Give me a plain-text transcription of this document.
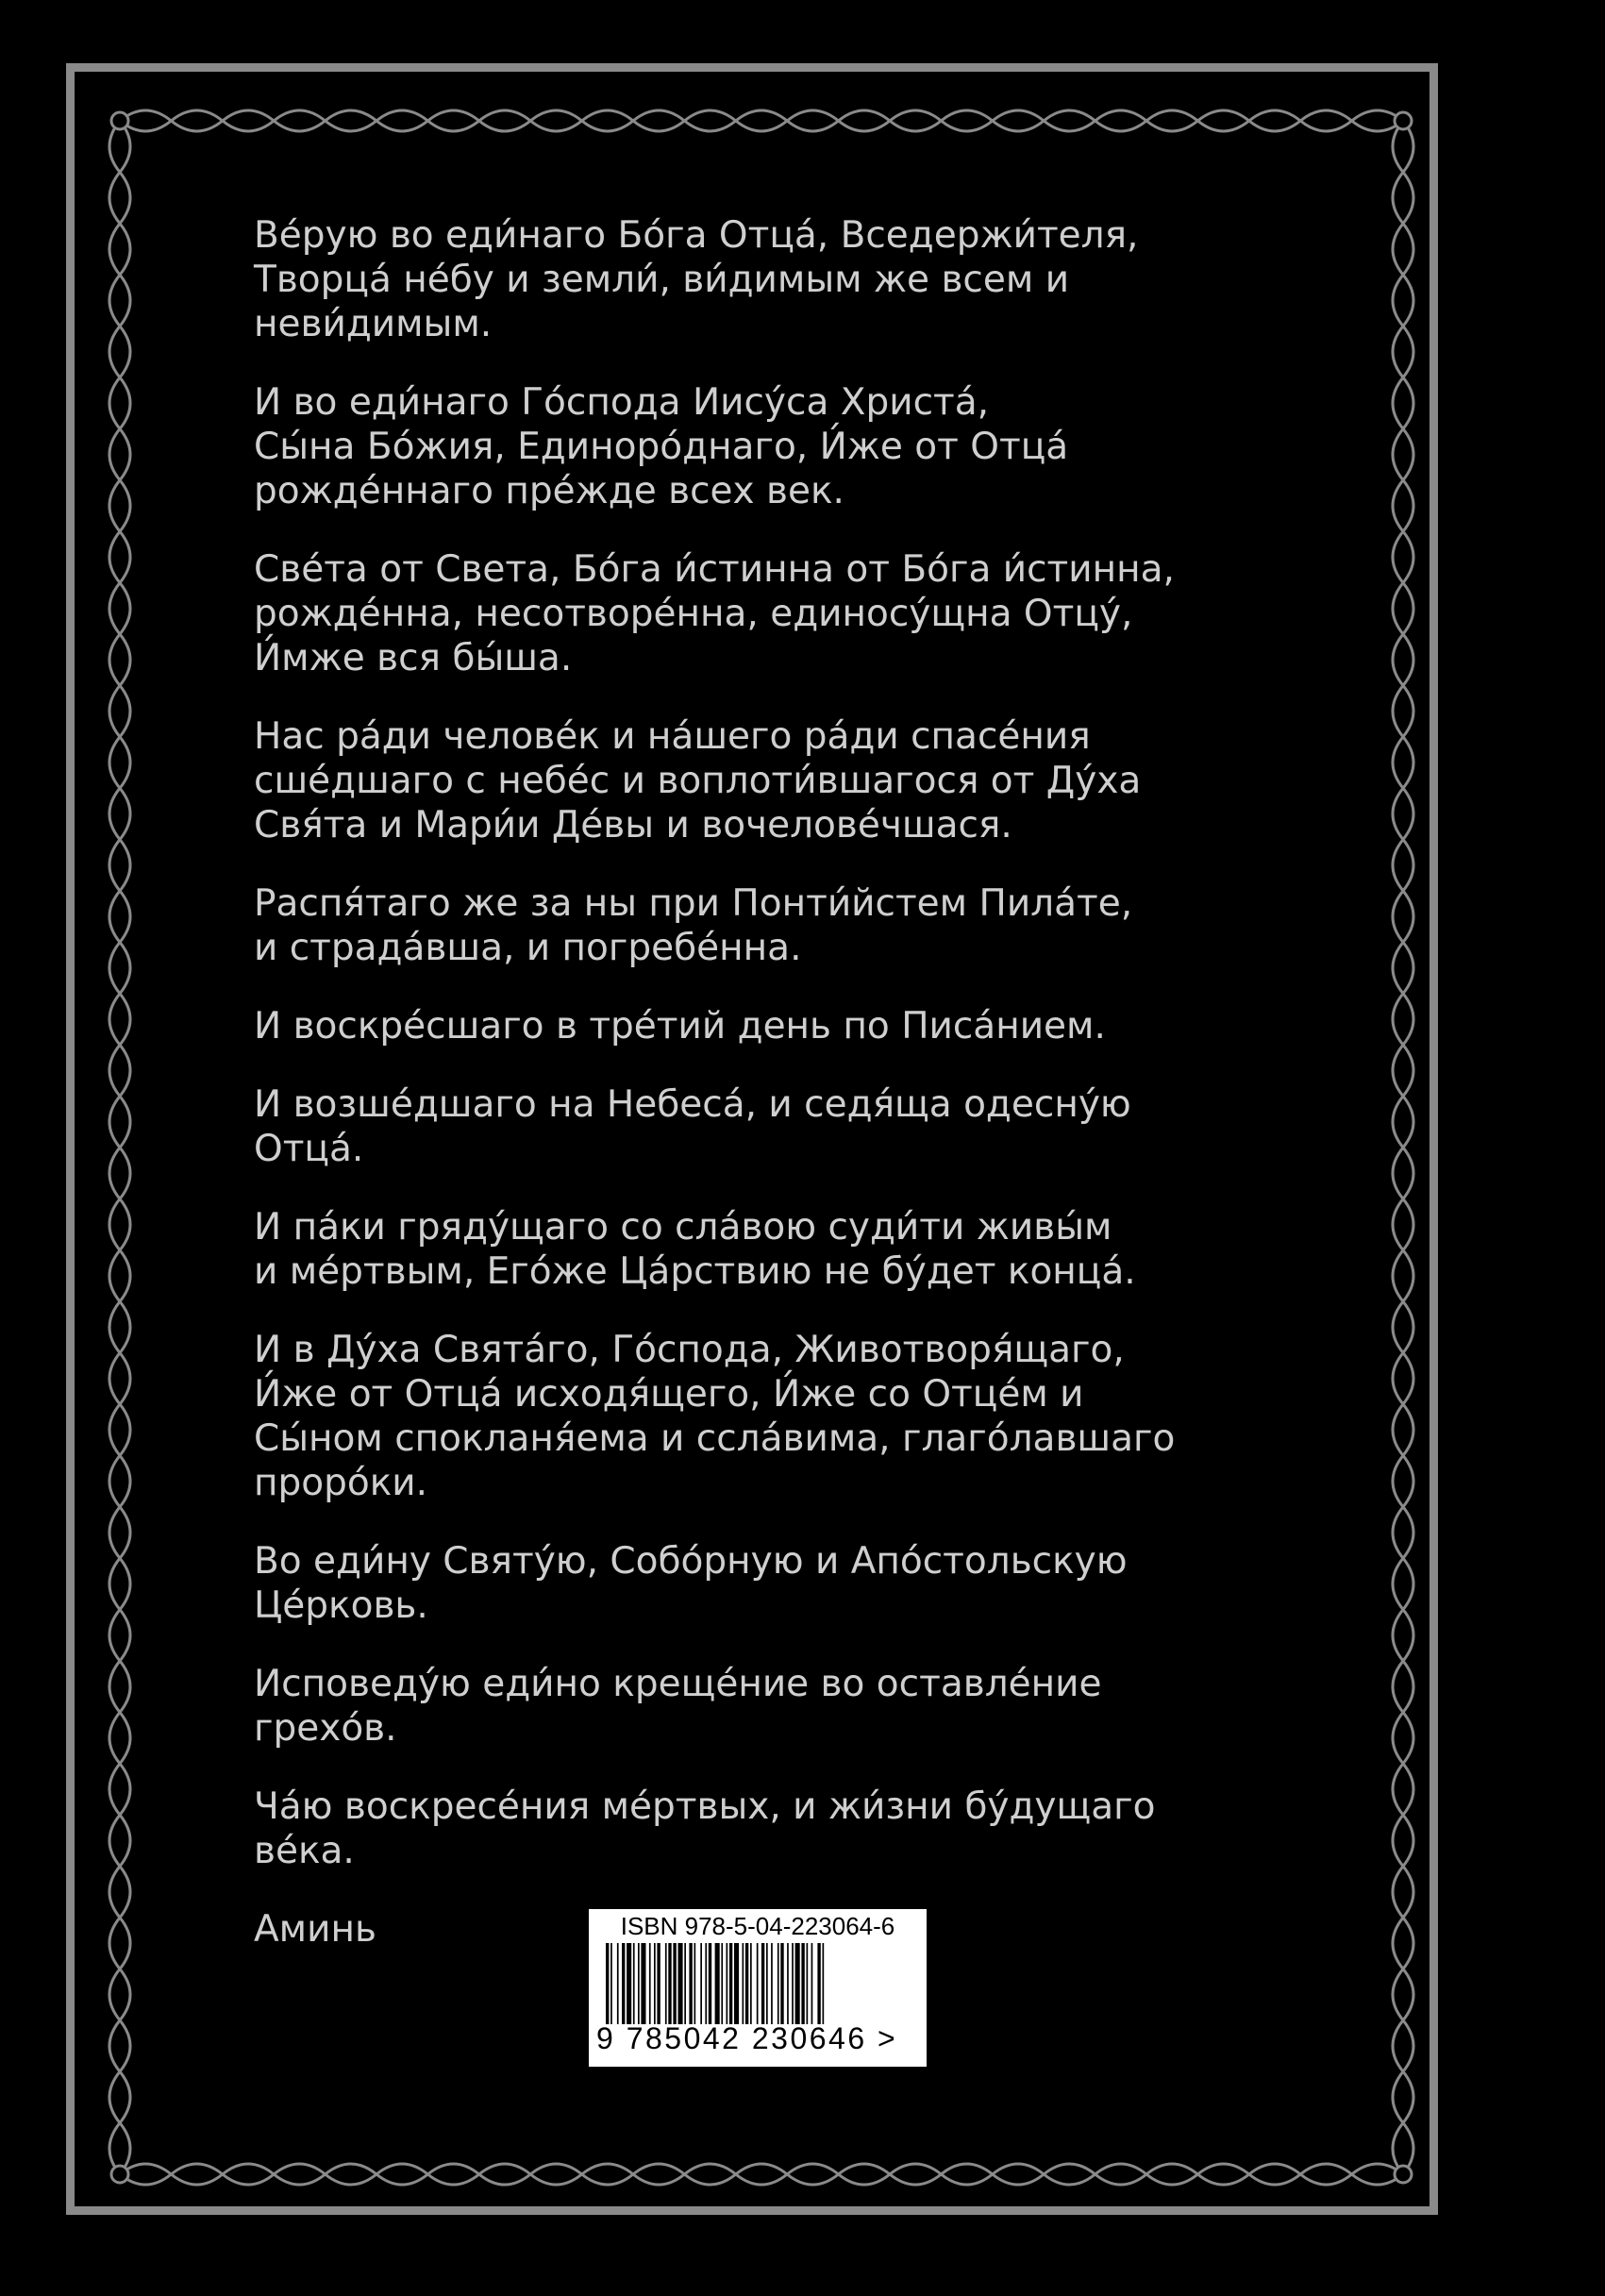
Ве́рую во еди́наго Бо́га Отца́, Вседержи́теля,
Творца́ не́бу и земли́, ви́димым же всем и
неви́димым.

И во еди́наго Го́спода Иису́са Христа́,
Сы́на Бо́жия, Единоро́днаго, И́же от Отца́
рожде́ннаго пре́жде всех век.

Све́та от Света, Бо́га и́стинна от Бо́га и́стинна,
рожде́нна, несотворе́нна, единосу́щна Отцу́,
И́мже вся бы́ша.

Нас ра́ди челове́к и на́шего ра́ди спасе́ния
сше́дшаго с небе́с и воплоти́вшагося от Ду́ха
Свя́та и Мари́и Де́вы и вочелове́чшася.

Распя́таго же за ны при Понти́йстем Пила́те,
и страда́вша, и погребе́нна.

И воскре́сшаго в тре́тий день по Писа́нием.

И возше́дшаго на Небеса́, и седя́ща одесну́ю
Отца́.

И па́ки гряду́щаго со сла́вою суди́ти живы́м
и ме́ртвым, Его́же Ца́рствию не бу́дет конца́.

И в Ду́ха Свята́го, Го́спода, Животворя́щаго,
И́же от Отца́ исходя́щего, И́же со Отце́м и
Сы́ном спокланя́ема и ссла́вима, глаго́лавшаго
проро́ки.

Во еди́ну Святу́ю, Собо́рную и Апо́стольскую
Це́рковь.

Исповеду́ю еди́но креще́ние во оставле́ние
грехо́в.

Ча́ю воскресе́ния ме́ртвых, и жи́зни бу́дущаго
ве́ка.

Аминь	ISBN 978-5-04-223064-6
9 785042 230646 >
